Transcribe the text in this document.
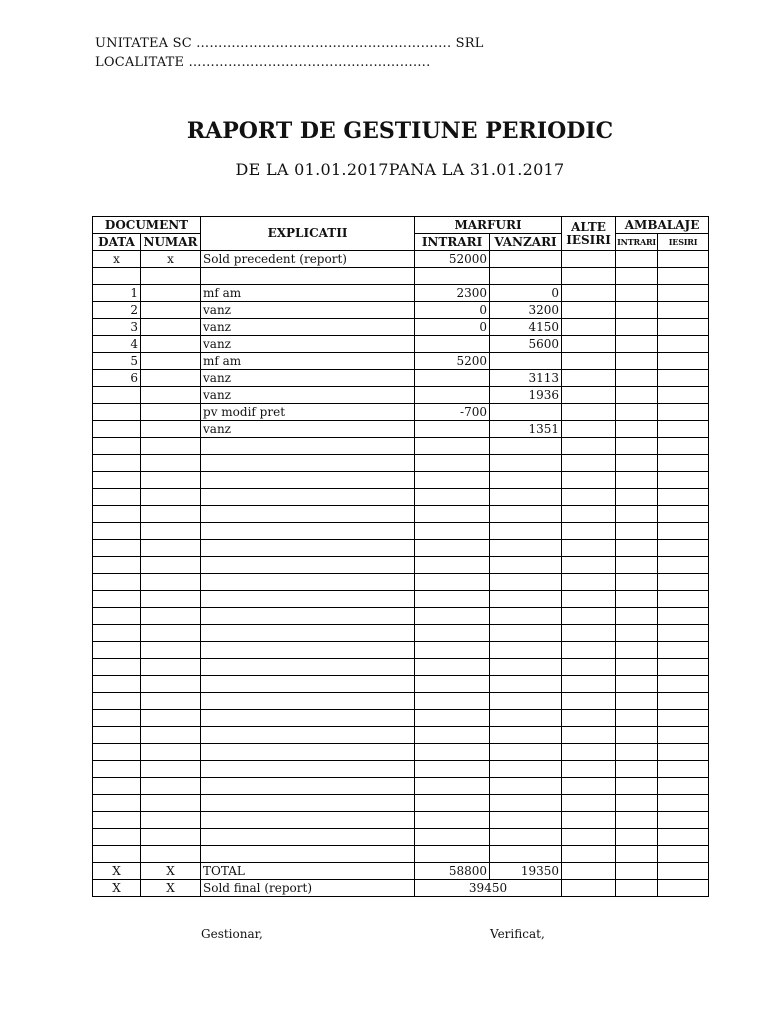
UNITATEA SC …………………………………………………. SRL
LOCALITATE ……………………………………………….
RAPORT DE GESTIUNE PERIODIC
DE LA 01.01.2017PANA LA 31.01.2017
DOCUMENT		EXPLICATII	MARFURI		ALTE IESIRI	AMBALAJE	
DATA	NUMAR		INTRARI	VANZARI		INTRARI	IESIRI
x	x	Sold precedent (report)	52000				

1		mf am	2300	0			
2		vanz	0	3200			
3		vanz	0	4150			
4		vanz		5600			
5		mf am	5200				
6		vanz		3113			
		vanz		1936			
		pv modif pret	-700				
		vanz		1351			

X	X	TOTAL	58800	19350			
X	X	Sold final (report)	39450				
Gestionar,	Verificat,
